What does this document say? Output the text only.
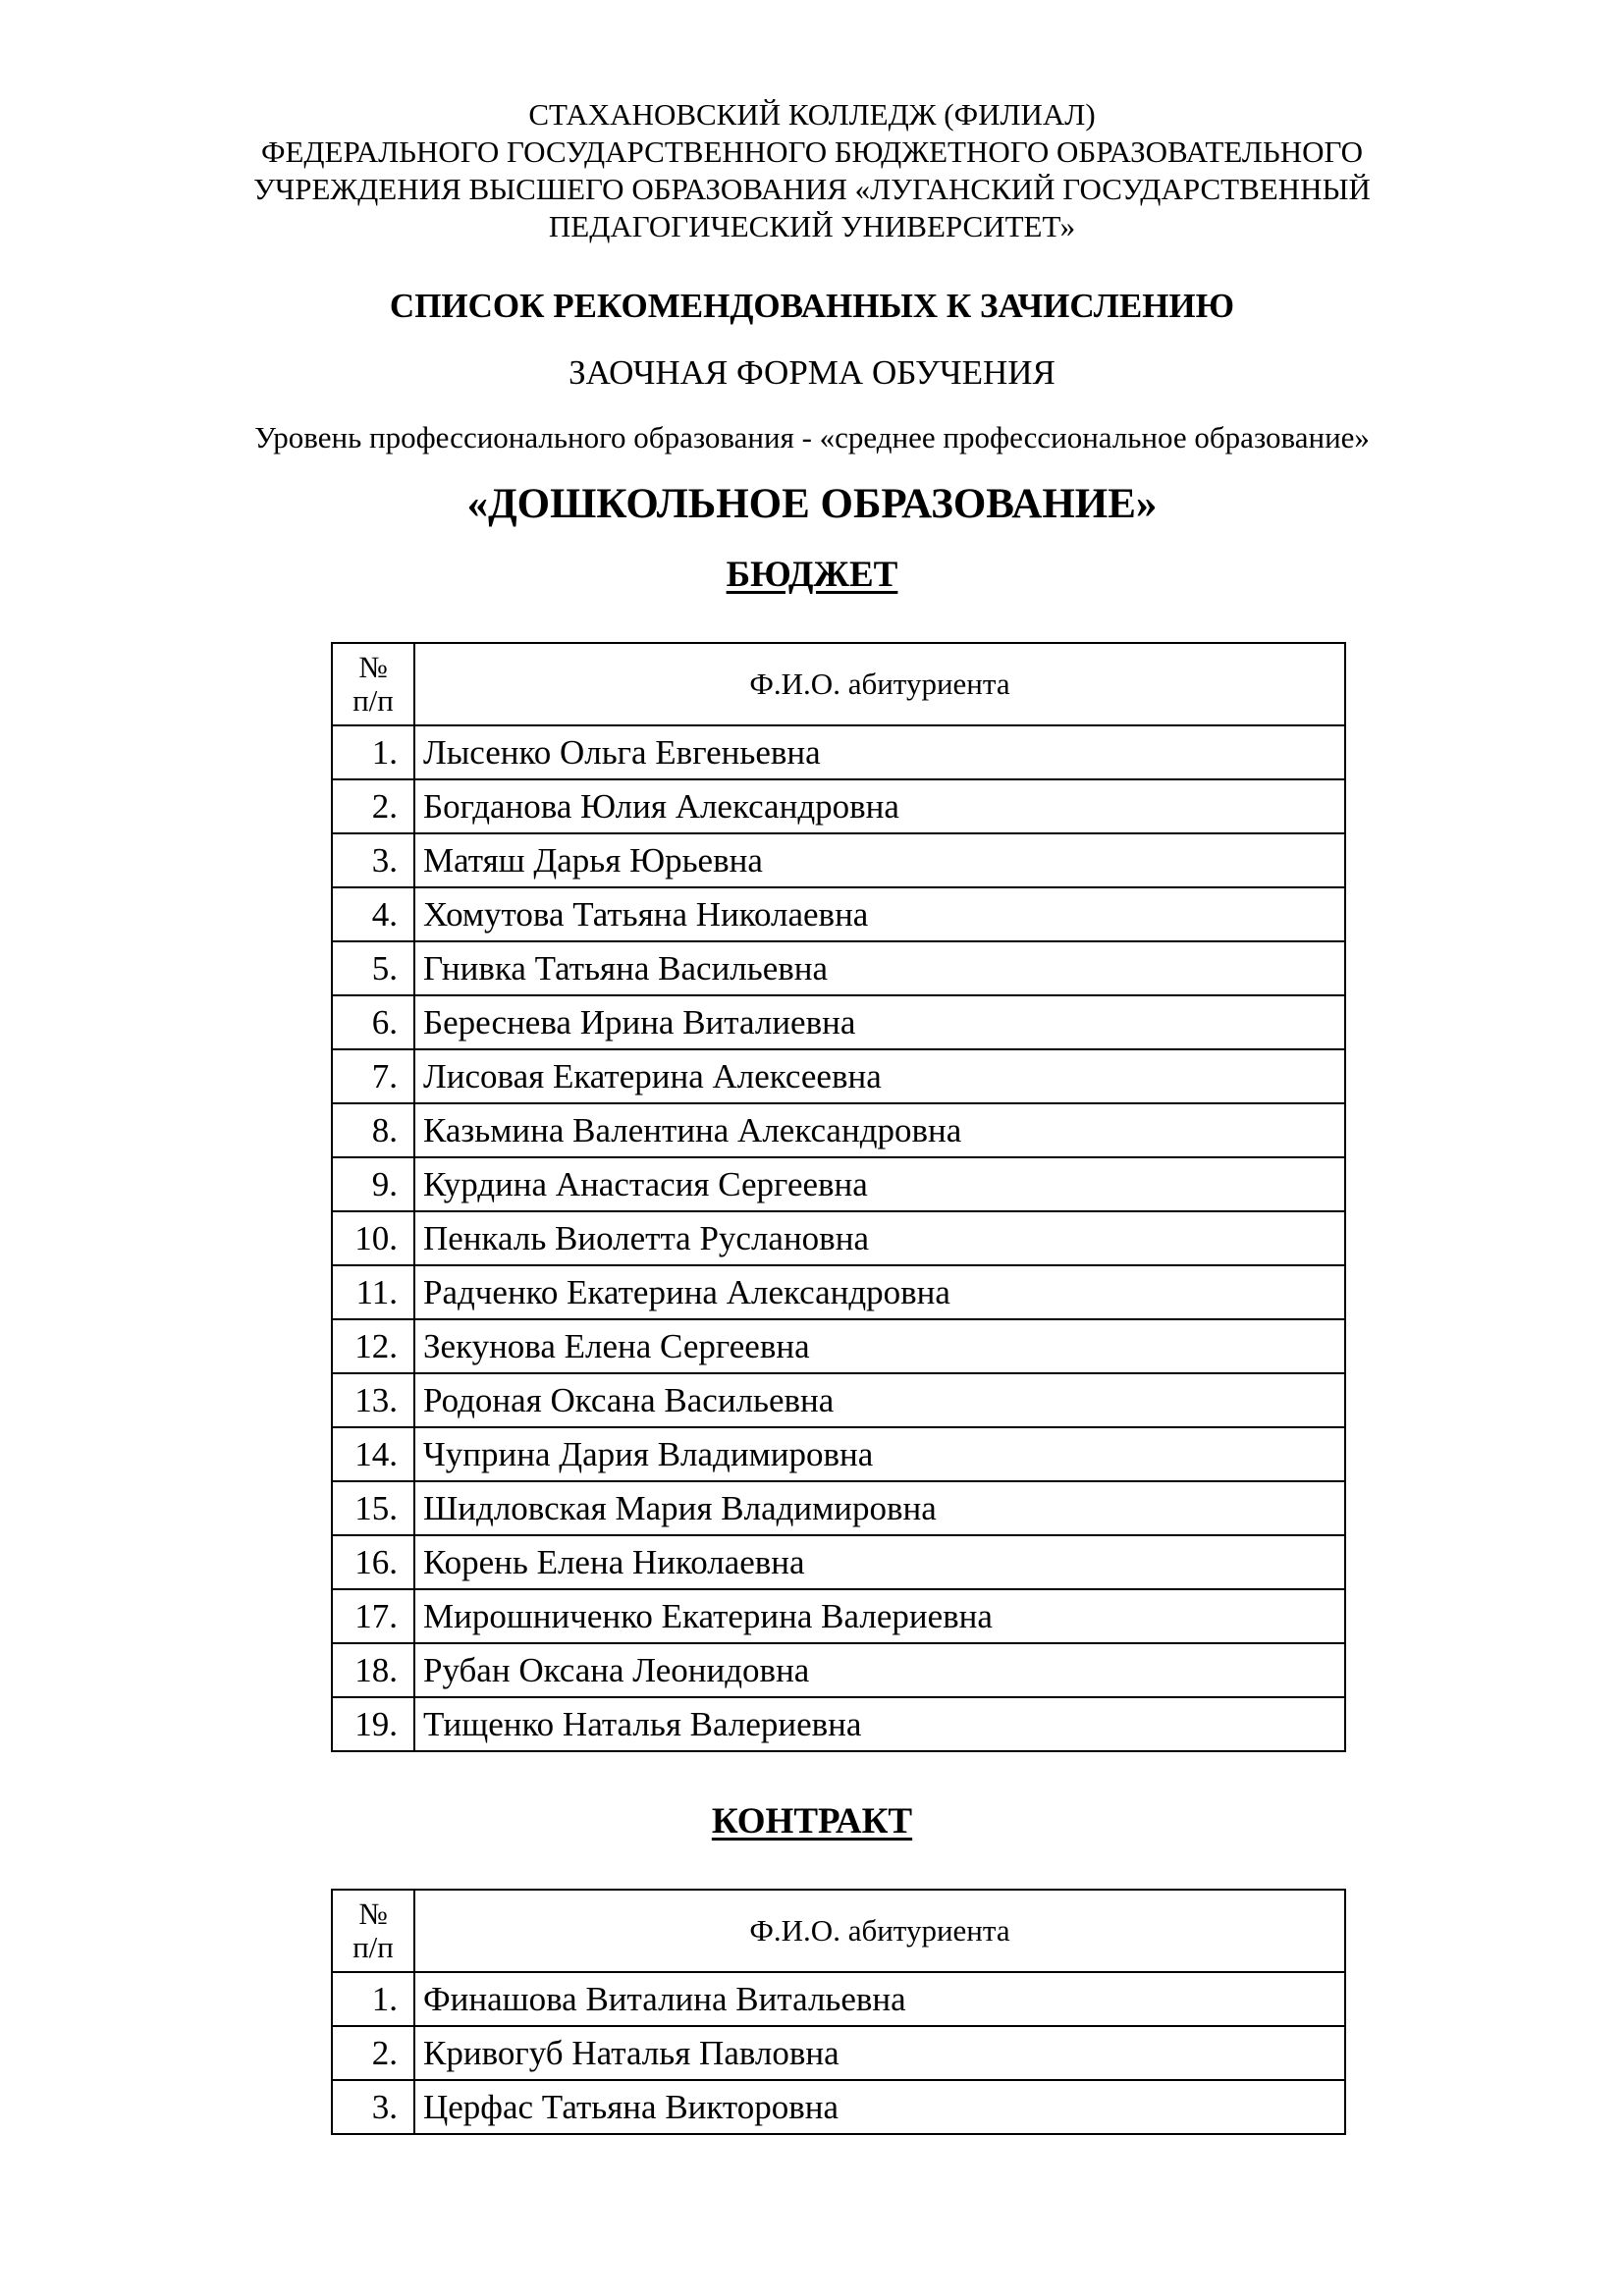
СТАХАНОВСКИЙ КОЛЛЕДЖ (ФИЛИАЛ)
ФЕДЕРАЛЬНОГО ГОСУДАРСТВЕННОГО БЮДЖЕТНОГО ОБРАЗОВАТЕЛЬНОГО
УЧРЕЖДЕНИЯ ВЫСШЕГО ОБРАЗОВАНИЯ «ЛУГАНСКИЙ ГОСУДАРСТВЕННЫЙ
ПЕДАГОГИЧЕСКИЙ УНИВЕРСИТЕТ»
СПИСОК РЕКОМЕНДОВАННЫХ К ЗАЧИСЛЕНИЮ
ЗАОЧНАЯ ФОРМА ОБУЧЕНИЯ
Уровень профессионального образования - «среднее профессиональное образование»
«ДОШКОЛЬНОЕ ОБРАЗОВАНИЕ»
БЮДЖЕТ
№
п/п	Ф.И.О. абитуриента
1.	Лысенко Ольга Евгеньевна
2.	Богданова Юлия Александровна
3.	Матяш Дарья Юрьевна
4.	Хомутова Татьяна Николаевна
5.	Гнивка Татьяна Васильевна
6.	Береснева Ирина Виталиевна
7.	Лисовая Екатерина Алексеевна
8.	Казьмина Валентина Александровна
9.	Курдина Анастасия Сергеевна
10.	Пенкаль Виолетта Руслановна
11.	Радченко Екатерина Александровна
12.	Зекунова Елена Сергеевна
13.	Родоная Оксана Васильевна
14.	Чуприна Дария Владимировна
15.	Шидловская Мария Владимировна
16.	Корень Елена Николаевна
17.	Мирошниченко Екатерина Валериевна
18.	Рубан Оксана Леонидовна
19.	Тищенко Наталья Валериевна
КОНТРАКТ
№
п/п	Ф.И.О. абитуриента
1.	Финашова Виталина Витальевна
2.	Кривогуб Наталья Павловна
3.	Церфас Татьяна Викторовна
